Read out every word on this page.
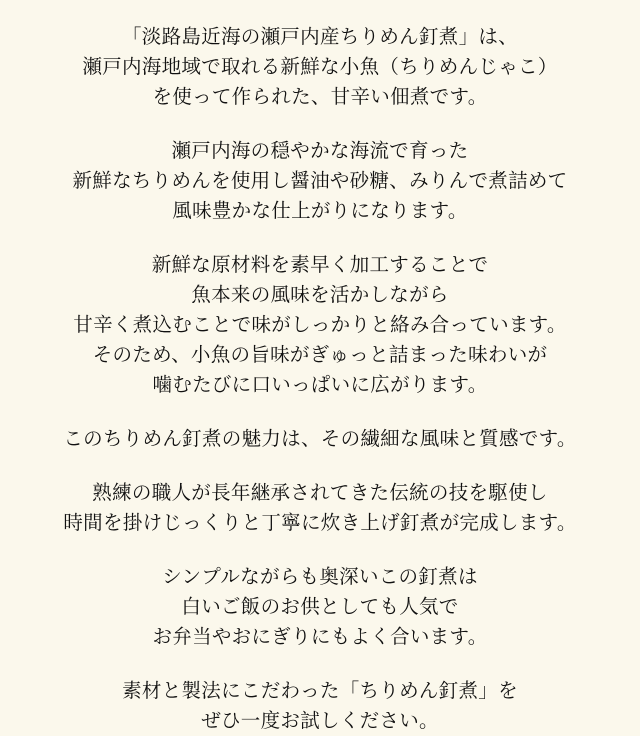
「淡路島近海の瀬戸内産ちりめん釘煮」は、
瀬戸内海地域で取れる新鮮な小魚（ちりめんじゃこ）
を使って作られた、甘辛い佃煮です。
瀬戸内海の穏やかな海流で育った
新鮮なちりめんを使用し醤油や砂糖、みりんで煮詰めて
風味豊かな仕上がりになります。
新鮮な原材料を素早く加工することで
魚本来の風味を活かしながら
甘辛く煮込むことで味がしっかりと絡み合っています。
そのため、小魚の旨味がぎゅっと詰まった味わいが
噛むたびに口いっぱいに広がります。
このちりめん釘煮の魅力は、その繊細な風味と質感です。
熟練の職人が長年継承されてきた伝統の技を駆使し
時間を掛けじっくりと丁寧に炊き上げ釘煮が完成します。
シンプルながらも奥深いこの釘煮は
白いご飯のお供としても人気で
お弁当やおにぎりにもよく合います。
素材と製法にこだわった「ちりめん釘煮」を
ぜひ一度お試しください。
